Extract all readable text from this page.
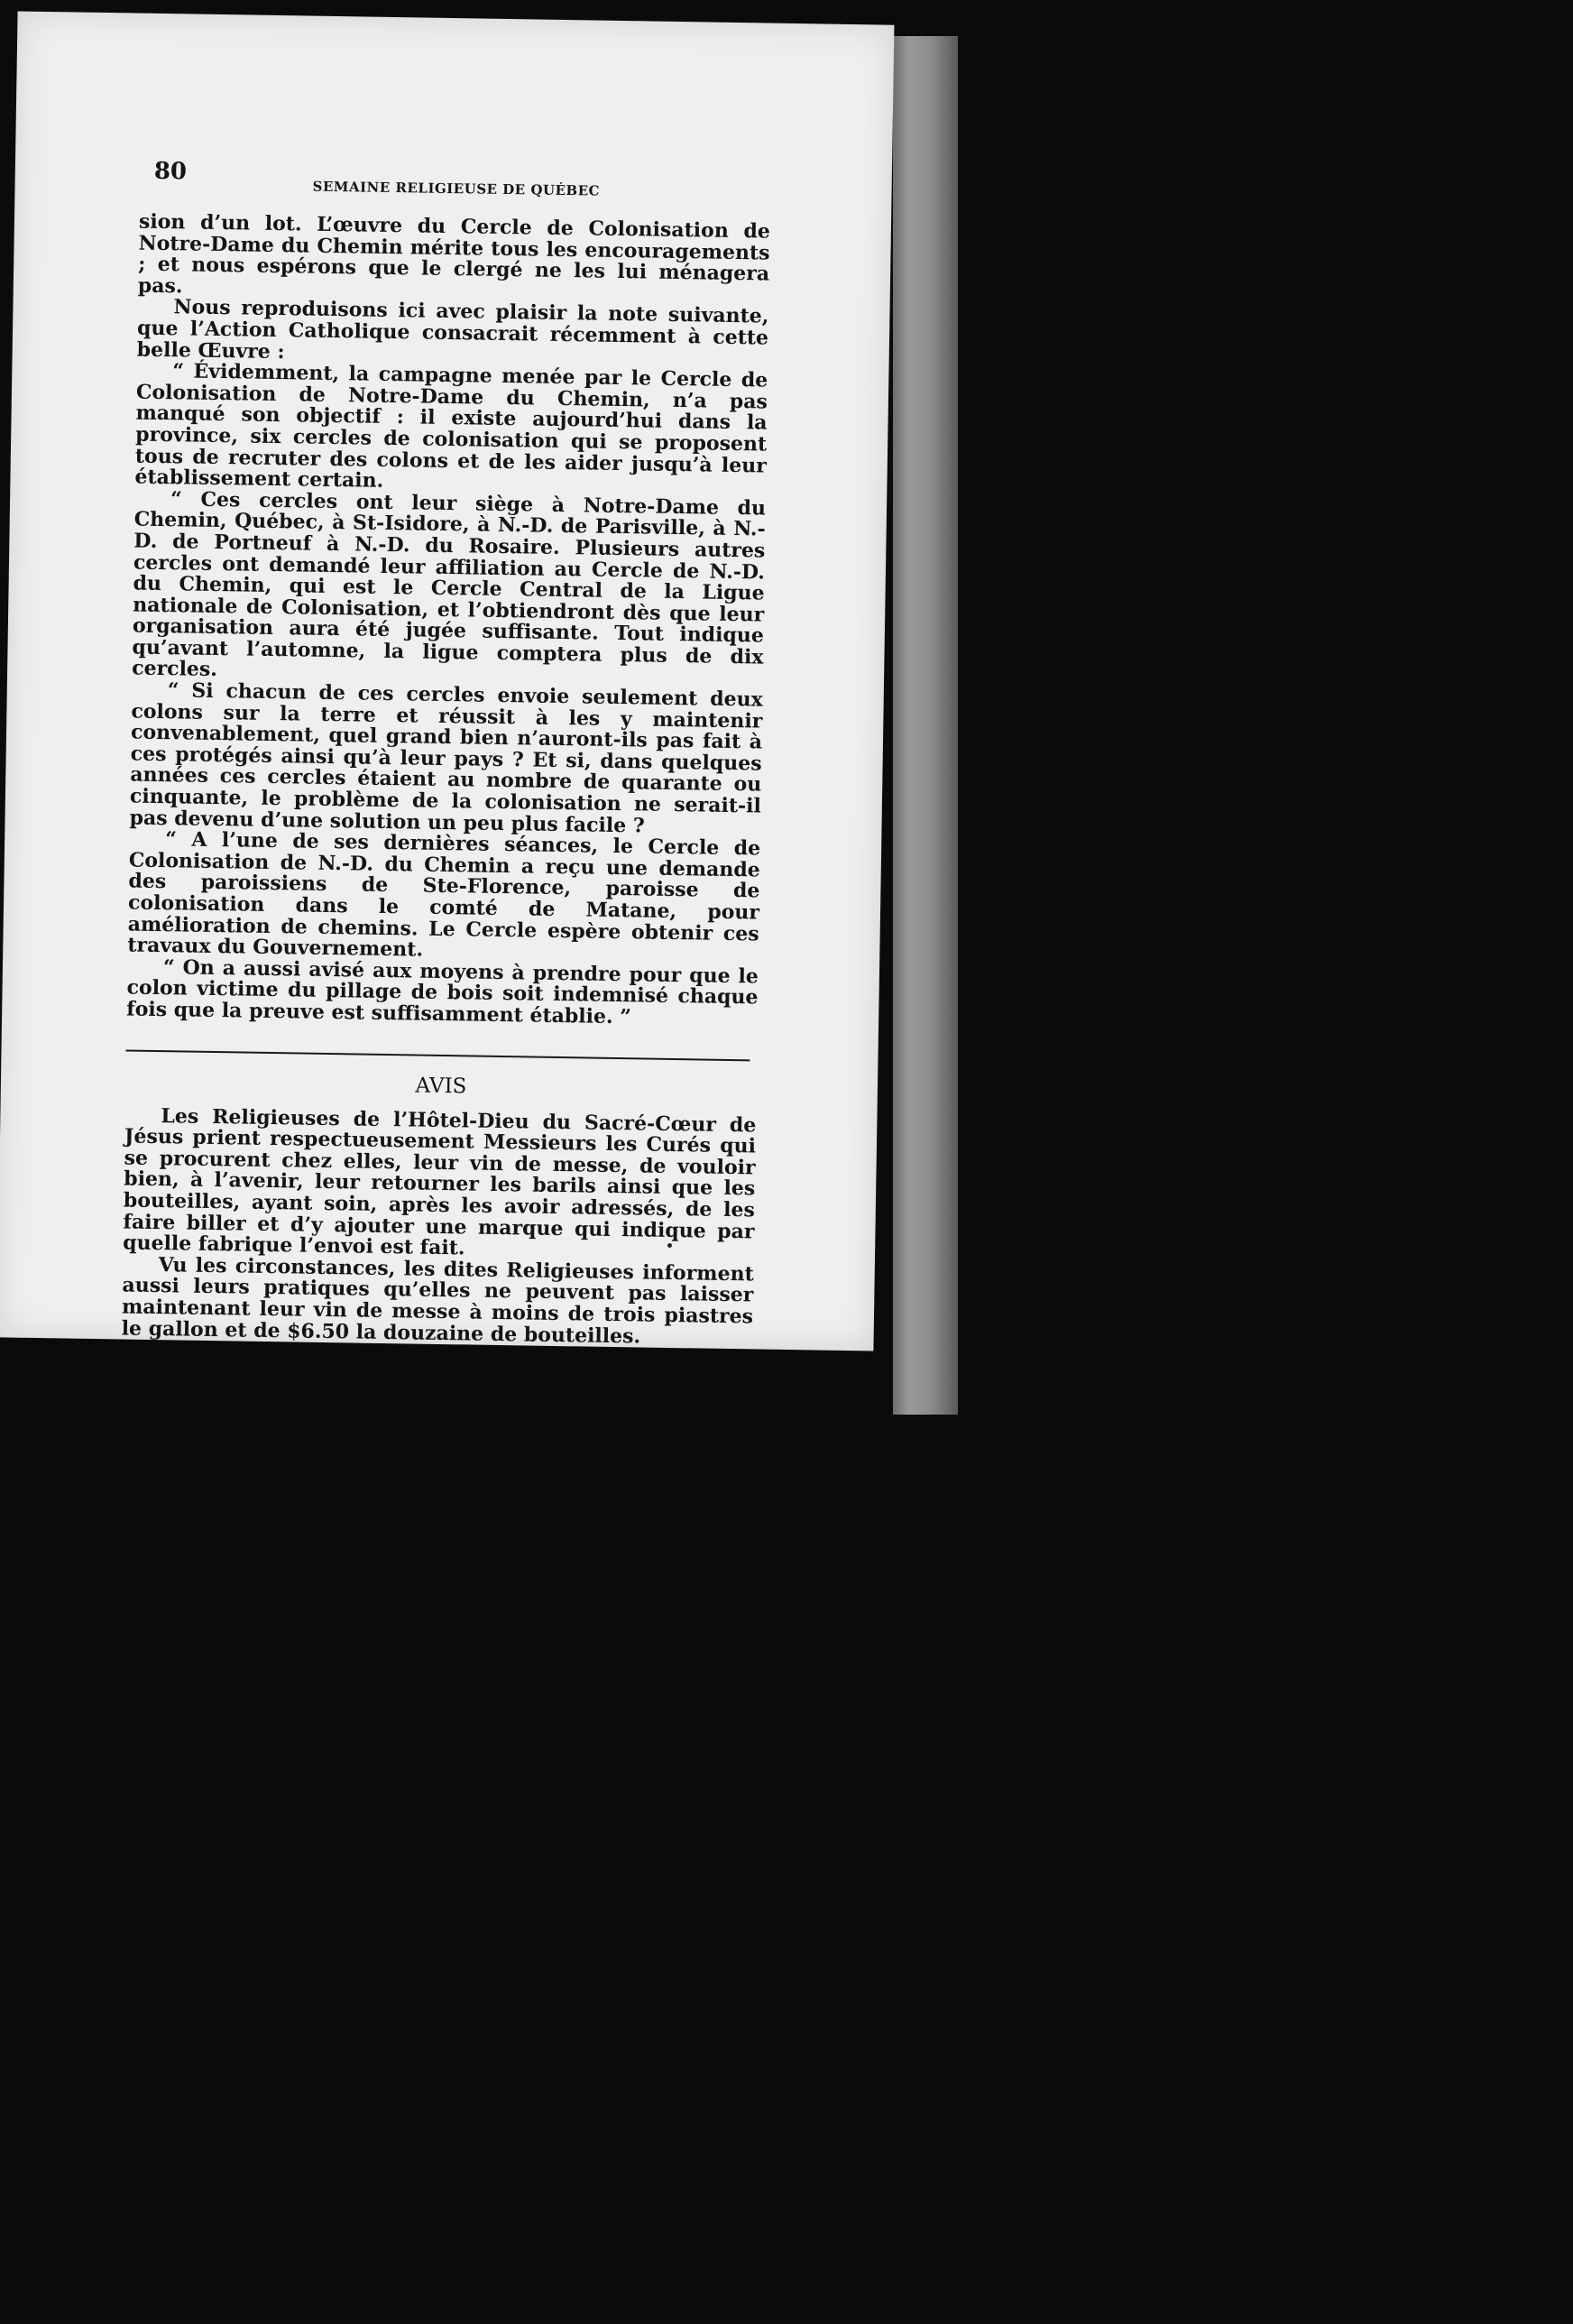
80
SEMAINE RELIGIEUSE DE QUÉBEC

sion d’un lot. L’œuvre du Cercle de Colonisation de Notre-Dame du Chemin mérite tous les encouragements ; et nous espérons que le clergé ne les lui ménagera pas.

Nous reproduisons ici avec plaisir la note suivante, que l’Action Catholique consacrait récemment à cette belle Œuvre :

“ Évidemment, la campagne menée par le Cercle de Colonisation de Notre-Dame du Chemin, n’a pas manqué son objectif : il existe aujourd’hui dans la province, six cercles de colonisation qui se proposent tous de recruter des colons et de les aider jusqu’à leur établissement certain.

“ Ces cercles ont leur siège à Notre-Dame du Chemin, Québec, à St-Isidore, à N.-D. de Parisville, à N.-D. de Portneuf à N.-D. du Rosaire. Plusieurs autres cercles ont demandé leur affiliation au Cercle de N.-D. du Chemin, qui est le Cercle Central de la Ligue nationale de Colonisation, et l’obtiendront dès que leur organisation aura été jugée suffisante. Tout indique qu’avant l’automne, la ligue comptera plus de dix cercles.

“ Si chacun de ces cercles envoie seulement deux colons sur la terre et réussit à les y maintenir convenablement, quel grand bien n’auront-ils pas fait à ces protégés ainsi qu’à leur pays ? Et si, dans quelques années ces cercles étaient au nombre de quarante ou cinquante, le problème de la colonisation ne serait-il pas devenu d’une solution un peu plus facile ?

“ A l’une de ses dernières séances, le Cercle de Colonisation de N.-D. du Chemin a reçu une demande des paroissiens de Ste-Florence, paroisse de colonisation dans le comté de Matane, pour amélioration de chemins. Le Cercle espère obtenir ces travaux du Gouvernement.

“ On a aussi avisé aux moyens à prendre pour que le colon victime du pillage de bois soit indemnisé chaque fois que la preuve est suffisamment établie. ”

AVIS

Les Religieuses de l’Hôtel-Dieu du Sacré-Cœur de Jésus prient respectueusement Messieurs les Curés qui se procurent chez elles, leur vin de messe, de vouloir bien, à l’avenir, leur retourner les barils ainsi que les bouteilles, ayant soin, après les avoir adressés, de les faire biller et d’y ajouter une marque qui indique par quelle fabrique l’envoi est fait.

Vu les circonstances, les dites Religieuses informent aussi leurs pratiques qu’elles ne peuvent pas laisser maintenant leur vin de messe à moins de trois piastres le gallon et de $6.50 la douzaine de bouteilles.
